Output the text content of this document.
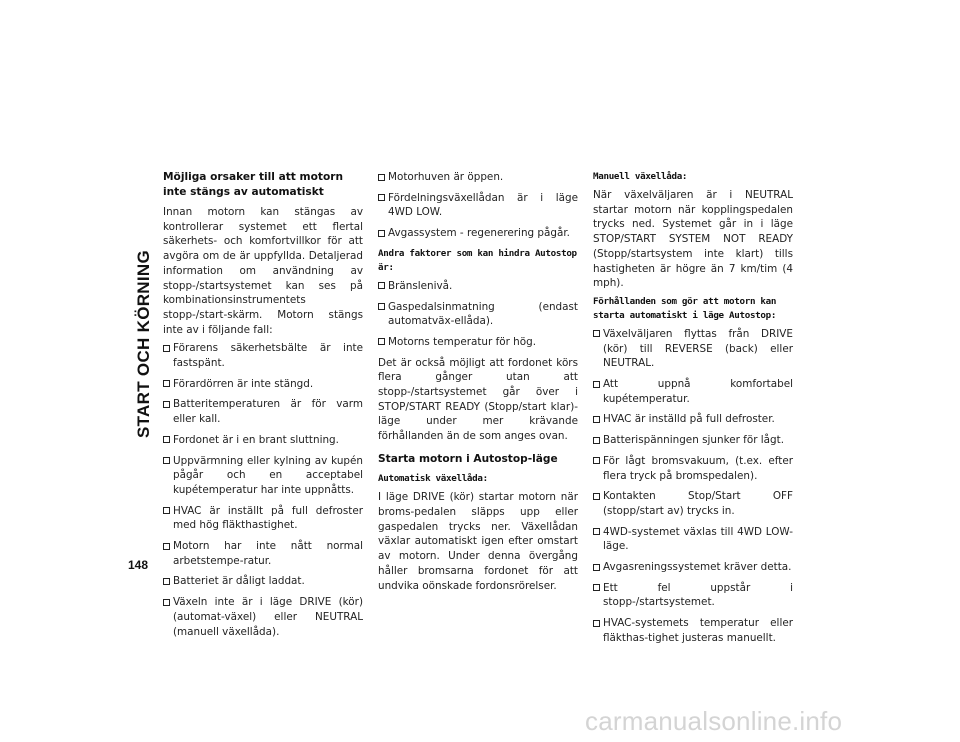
START OCH KÖRNING
148
Möjliga orsaker till att motorn inte stängs av automatiskt

Innan motorn kan stängas av kontrollerar systemet ett flertal säkerhets- och komfortvillkor för att avgöra om de är uppfyllda. Detaljerad information om användning av stopp-/startsystemet kan ses på kombinationsinstrumentets stopp-/start-skärm. Motorn stängs inte av i följande fall:

Förarens säkerhetsbälte är inte fastspänt.
Förardörren är inte stängd.
Batteritemperaturen är för varm eller kall.
Fordonet är i en brant sluttning.
Uppvärmning eller kylning av kupén pågår och en acceptabel kupétemperatur har inte uppnåtts.
HVAC är inställt på full defroster med hög fläkthastighet.
Motorn har inte nått normal arbetstempe-ratur.
Batteriet är dåligt laddat.
Växeln inte är i läge DRIVE (kör) (automat-växel) eller NEUTRAL (manuell växellåda).
Motorhuven är öppen.
Fördelningsväxellådan är i läge 4WD LOW.
Avgassystem - regenerering pågår.
Andra faktorer som kan hindra Autostop är:
Bränslenivå.
Gaspedalsinmatning (endast automatväx-ellåda).
Motorns temperatur för hög.

Det är också möjligt att fordonet körs flera gånger utan att stopp-/startsystemet går över i STOP/START READY (Stopp/start klar)-läge under mer krävande förhållanden än de som anges ovan.

Starta motorn i Autostop-läge
Automatisk växellåda:

I läge DRIVE (kör) startar motorn när broms-pedalen släpps upp eller gaspedalen trycks ner. Växellådan växlar automatiskt igen efter omstart av motorn. Under denna övergång håller bromsarna fordonet för att undvika oönskade fordonsrörelser.

Manuell växellåda:

När växelväljaren är i NEUTRAL startar motorn när kopplingspedalen trycks ned. Systemet går in i läge STOP/START SYSTEM NOT READY (Stopp/startsystem inte klart) tills hastigheten är högre än 7 km/tim (4 mph).

Förhållanden som gör att motorn kan starta automatiskt i läge Autostop:
Växelväljaren flyttas från DRIVE (kör) till REVERSE (back) eller NEUTRAL.
Att uppnå komfortabel kupétemperatur.
HVAC är inställd på full defroster.
Batterispänningen sjunker för lågt.
För lågt bromsvakuum, (t.ex. efter flera tryck på bromspedalen).
Kontakten Stop/Start OFF (stopp/start av) trycks in.
4WD-systemet växlas till 4WD LOW-läge.
Avgasreningssystemet kräver detta.
Ett fel uppstår i stopp-/startsystemet.
HVAC-systemets temperatur eller fläkthas-tighet justeras manuellt.
carmanualsonline.info
